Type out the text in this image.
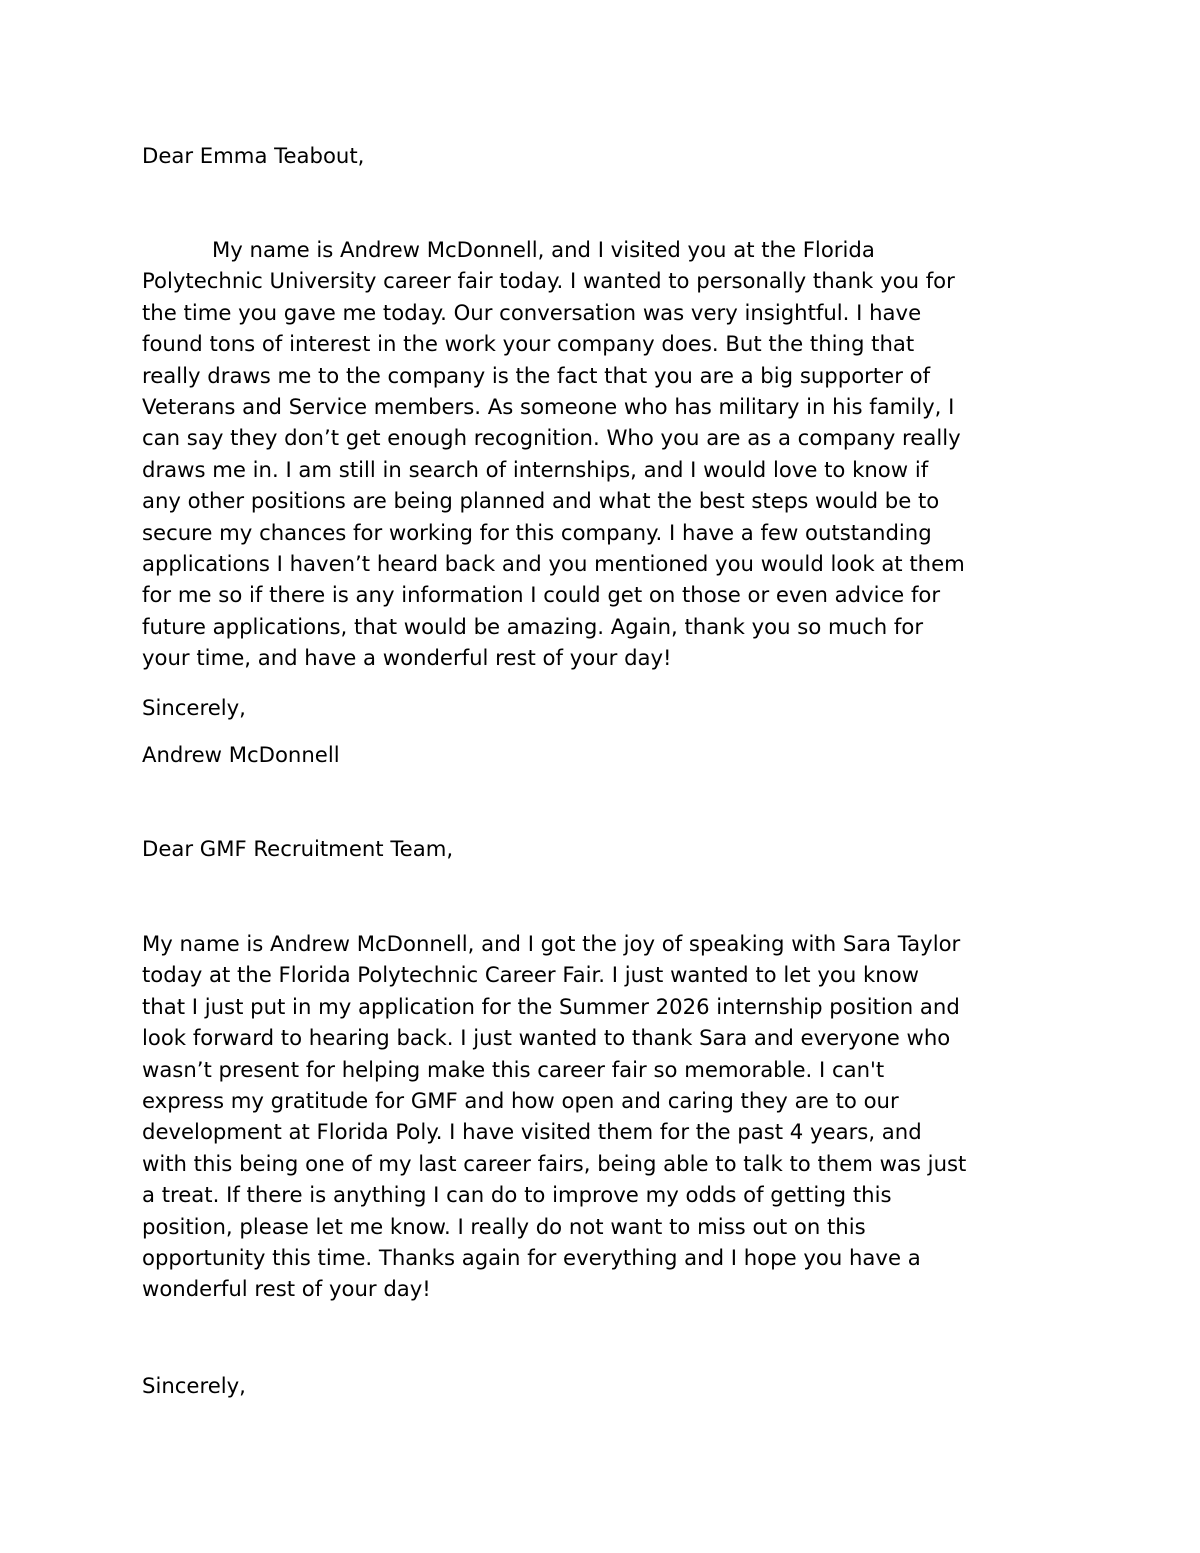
Dear Emma Teabout,

My name is Andrew McDonnell, and I visited you at the Florida
Polytechnic University career fair today. I wanted to personally thank you for
the time you gave me today. Our conversation was very insightful. I have
found tons of interest in the work your company does. But the thing that
really draws me to the company is the fact that you are a big supporter of
Veterans and Service members. As someone who has military in his family, I
can say they don’t get enough recognition. Who you are as a company really
draws me in. I am still in search of internships, and I would love to know if
any other positions are being planned and what the best steps would be to
secure my chances for working for this company. I have a few outstanding
applications I haven’t heard back and you mentioned you would look at them
for me so if there is any information I could get on those or even advice for
future applications, that would be amazing. Again, thank you so much for
your time, and have a wonderful rest of your day!

Sincerely,

Andrew McDonnell

Dear GMF Recruitment Team,

My name is Andrew McDonnell, and I got the joy of speaking with Sara Taylor
today at the Florida Polytechnic Career Fair. I just wanted to let you know
that I just put in my application for the Summer 2026 internship position and
look forward to hearing back. I just wanted to thank Sara and everyone who
wasn’t present for helping make this career fair so memorable. I can't
express my gratitude for GMF and how open and caring they are to our
development at Florida Poly. I have visited them for the past 4 years, and
with this being one of my last career fairs, being able to talk to them was just
a treat. If there is anything I can do to improve my odds of getting this
position, please let me know. I really do not want to miss out on this
opportunity this time. Thanks again for everything and I hope you have a
wonderful rest of your day!

Sincerely,
